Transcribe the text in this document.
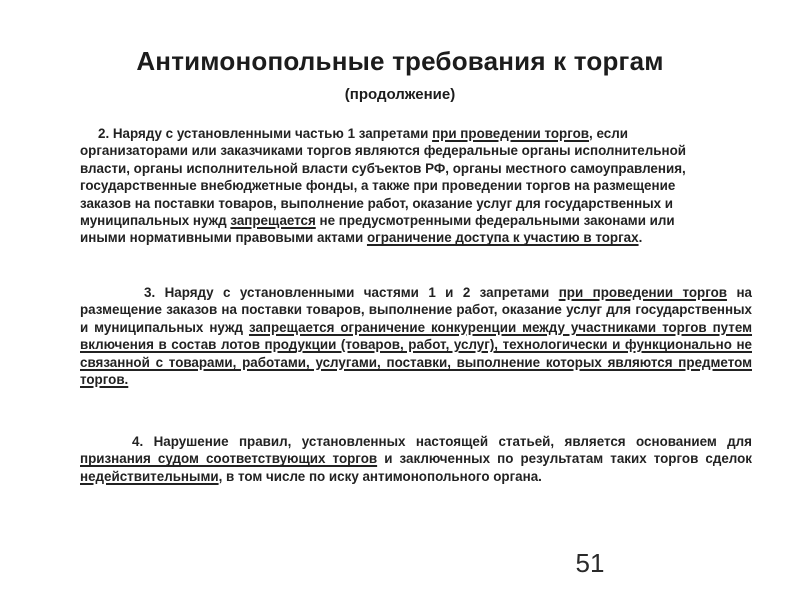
Антимонопольные требования к торгам
(продолжение)

2. Наряду с установленными частью 1 запретами при проведении торгов, если организаторами или заказчиками торгов являются федеральные органы исполнительной власти, органы исполнительной власти субъектов РФ, органы местного самоуправления, государственные внебюджетные фонды, а также при проведении торгов на размещение заказов на поставки товаров, выполнение работ, оказание услуг для государственных и муниципальных нужд запрещается не предусмотренными федеральными законами или иными нормативными правовыми актами ограничение доступа к участию в торгах.

3. Наряду с установленными частями 1 и 2 запретами при проведении торгов на размещение заказов на поставки товаров, выполнение работ, оказание услуг для государственных и муниципальных нужд запрещается ограничение конкуренции между участниками торгов путем включения в состав лотов продукции (товаров, работ, услуг), технологически и функционально не связанной с товарами, работами, услугами, поставки, выполнение которых являются предметом торгов.

4. Нарушение правил, установленных настоящей статьей, является основанием для признания судом соответствующих торгов и заключенных по результатам таких торгов сделок недействительными, в том числе по иску антимонопольного органа.

51
